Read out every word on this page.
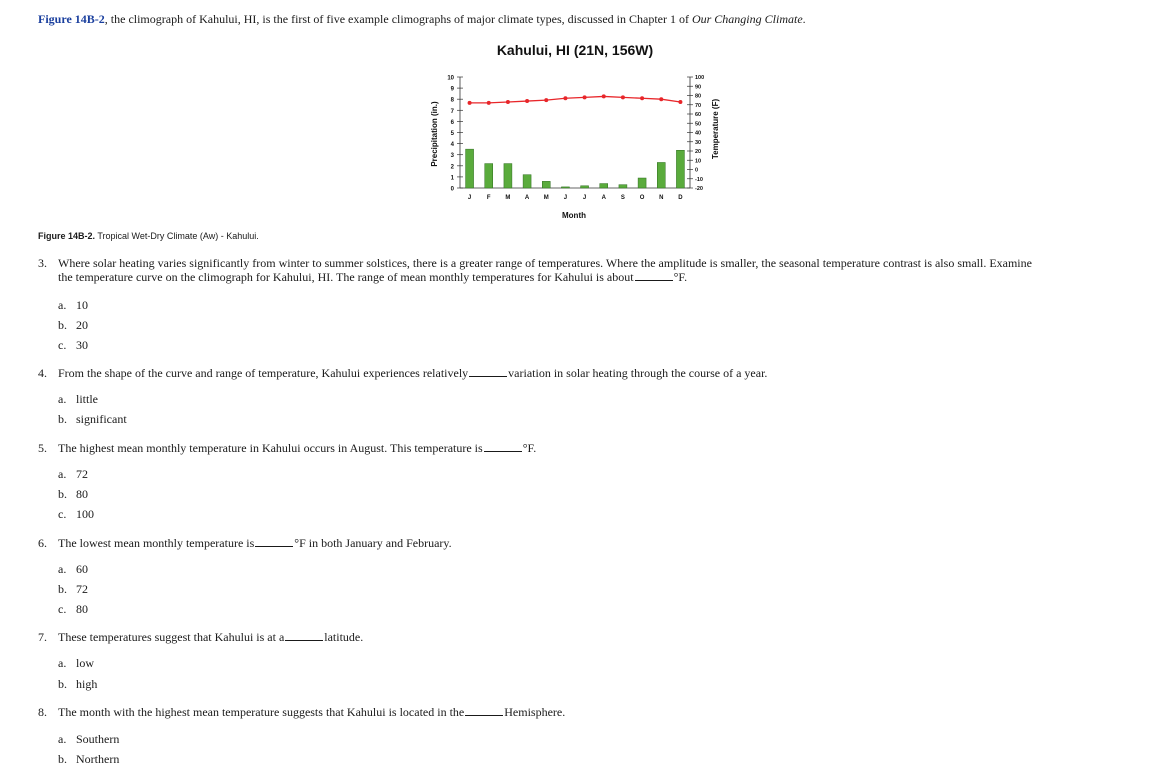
Figure 14B-2, the climograph of Kahului, HI, is the first of five example climographs of major climate types, discussed in Chapter 1 of Our Changing Climate.
Kahului, HI (21N, 156W)
0
1
2
3
4
5
6
7
8
9
10
-20
-10
0
10
20
30
40
50
60
70
80
90
100
J	F M A M J	J	A S O N D
Month
Precipitation (in.)	Temperature (F)
Figure 14B-2. Tropical Wet-Dry Climate (Aw) - Kahului.
3. Where solar heating varies significantly from winter to summer solstices, there is a greater range of temperatures. Where the amplitude is smaller, the seasonal temperature contrast is also small. Examine
the temperature curve on the climograph for Kahului, HI. The range of mean monthly temperatures for Kahului is about	°F.
a. 10
b. 20
c. 30
4. From the shape of the curve and range of temperature, Kahului experiences relatively	variation in solar heating through the course of a year.
a. little
b. significant
5. The highest mean monthly temperature in Kahului occurs in August. This temperature is	°F.
a. 72
b. 80
c. 100
6. The lowest mean monthly temperature is	°F in both January and February.
a. 60
b. 72
c. 80
7. These temperatures suggest that Kahului is at a	latitude.
a. low
b. high
8. The month with the highest mean temperature suggests that Kahului is located in the	Hemisphere.
a. Southern
b. Northern
